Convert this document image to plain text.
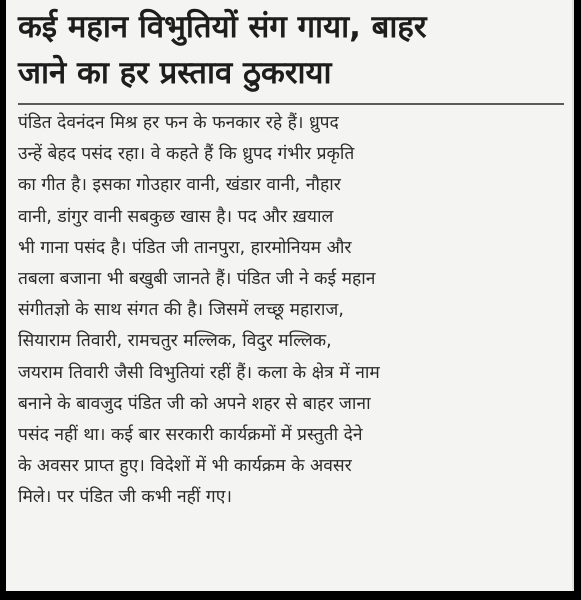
कई महान विभुतियों संग गाया, बाहर
जाने का हर प्रस्ताव ठुकराया
पंडित देवनंदन मिश्र हर फन के फनकार रहे हैं। ध्रुपद
उन्हें बेहद पसंद रहा। वे कहते हैं कि ध्रुपद गंभीर प्रकृति
का गीत है। इसका गोउहार वानी, खंडार वानी, नौहार
वानी, डांगुर वानी सबकुछ खास है। पद और ख़याल
भी गाना पसंद है। पंडित जी तानपुरा, हारमोनियम और
तबला बजाना भी बखुबी जानते हैं। पंडित जी ने कई महान
संगीतज्ञो के साथ संगत की है। जिसमें लच्छू महाराज,
सियाराम तिवारी, रामचतुर मल्लिक, विदुर मल्लिक,
जयराम तिवारी जैसी विभुतियां रहीं हैं। कला के क्षेत्र में नाम
बनाने के बावजुद पंडित जी को अपने शहर से बाहर जाना
पसंद नहीं था। कई बार सरकारी कार्यक्रमों में प्रस्तुती देने
के अवसर प्राप्त हुए। विदेशों में भी कार्यक्रम के अवसर
मिले। पर पंडित जी कभी नहीं गए।
